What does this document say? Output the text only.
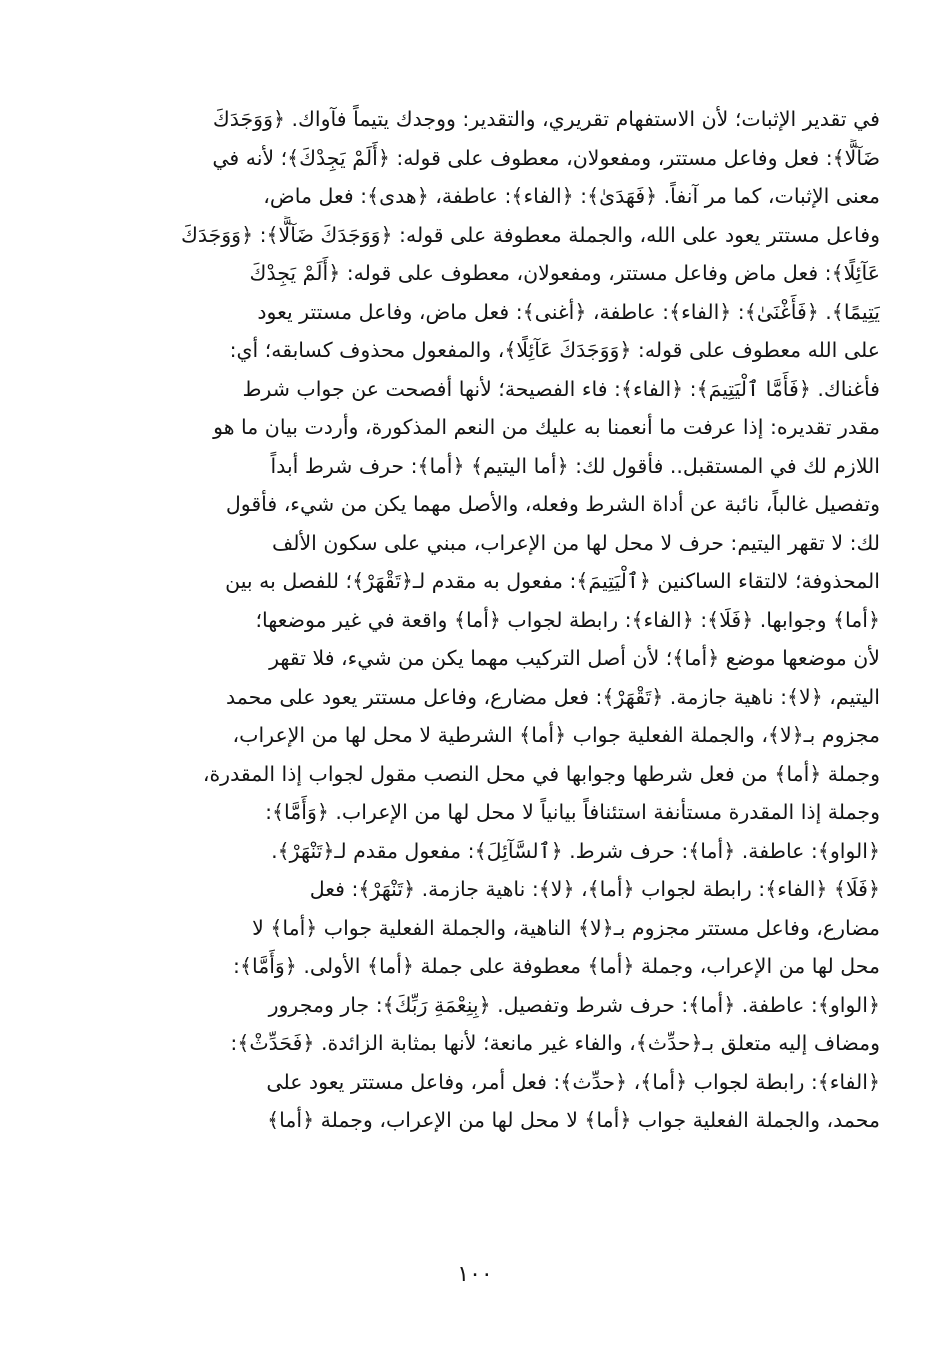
في تقدير الإثبات؛ لأن الاستفهام تقريري، والتقدير: ووجدك يتيماً فآواك. ﴿وَوَجَدَكَ
ضَآلًّا﴾: فعل وفاعل مستتر، ومفعولان، معطوف على قوله: ﴿أَلَمْ يَجِدْكَ﴾؛ لأنه في
معنى الإثبات، كما مر آنفاً. ﴿فَهَدَىٰ﴾: ﴿الفاء﴾: عاطفة، ﴿هدى﴾: فعل ماض،
وفاعل مستتر يعود على الله، والجملة معطوفة على قوله: ﴿وَوَجَدَكَ ضَآلًّا﴾: ﴿وَوَجَدَكَ
عَآئِلًا﴾: فعل ماض وفاعل مستتر، ومفعولان، معطوف على قوله: ﴿أَلَمْ يَجِدْكَ
يَتِيمًا﴾. ﴿فَأَغْنَىٰ﴾: ﴿الفاء﴾: عاطفة، ﴿أغنى﴾: فعل ماض، وفاعل مستتر يعود
على الله معطوف على قوله: ﴿وَوَجَدَكَ عَآئِلًا﴾، والمفعول محذوف كسابقه؛ أي:
فأغناك. ﴿فَأَمَّا ٱلْيَتِيمَ﴾: ﴿الفاء﴾: فاء الفصيحة؛ لأنها أفصحت عن جواب شرط
مقدر تقديره: إذا عرفت ما أنعمنا به عليك من النعم المذكورة، وأردت بيان ما هو
اللازم لك في المستقبل.. فأقول لك: ﴿أما اليتيم﴾ ﴿أما﴾: حرف شرط أبداً
وتفصيل غالباً، نائبة عن أداة الشرط وفعله، والأصل مهما يكن من شيء، فأقول
لك: لا تقهر اليتيم: حرف لا محل لها من الإعراب، مبني على سكون الألف
المحذوفة؛ لالتقاء الساكنين ﴿ٱلْيَتِيمَ﴾: مفعول به مقدم لـ﴿تَقْهَرْ﴾؛ للفصل به بين
﴿أما﴾ وجوابها. ﴿فَلَا﴾: ﴿الفاء﴾: رابطة لجواب ﴿أما﴾ واقعة في غير موضعها؛
لأن موضعها موضع ﴿أما﴾؛ لأن أصل التركيب مهما يكن من شيء، فلا تقهر
اليتيم، ﴿لا﴾: ناهية جازمة. ﴿تَقْهَرْ﴾: فعل مضارع، وفاعل مستتر يعود على محمد
مجزوم بـ﴿لا﴾، والجملة الفعلية جواب ﴿أما﴾ الشرطية لا محل لها من الإعراب،
وجملة ﴿أما﴾ من فعل شرطها وجوابها في محل النصب مقول لجواب إذا المقدرة،
وجملة إذا المقدرة مستأنفة استئنافاً بيانياً لا محل لها من الإعراب. ﴿وَأَمَّا﴾:
﴿الواو﴾: عاطفة. ﴿أما﴾: حرف شرط. ﴿ٱلسَّآئِلَ﴾: مفعول مقدم لـ﴿تَنْهَرْ﴾.
﴿فَلَا﴾ ﴿الفاء﴾: رابطة لجواب ﴿أما﴾، ﴿لا﴾: ناهية جازمة. ﴿تَنْهَرْ﴾: فعل
مضارع، وفاعل مستتر مجزوم بـ﴿لا﴾ الناهية، والجملة الفعلية جواب ﴿أما﴾ لا
محل لها من الإعراب، وجملة ﴿أما﴾ معطوفة على جملة ﴿أما﴾ الأولى. ﴿وَأَمَّا﴾:
﴿الواو﴾: عاطفة. ﴿أما﴾: حرف شرط وتفصيل. ﴿بِنِعْمَةِ رَبِّكَ﴾: جار ومجرور
ومضاف إليه متعلق بـ﴿حدِّث﴾، والفاء غير مانعة؛ لأنها بمثابة الزائدة. ﴿فَحَدِّثْ﴾:
﴿الفاء﴾: رابطة لجواب ﴿أما﴾، ﴿حدِّث﴾: فعل أمر، وفاعل مستتر يعود على
محمد، والجملة الفعلية جواب ﴿أما﴾ لا محل لها من الإعراب، وجملة ﴿أما﴾
١٠٠
